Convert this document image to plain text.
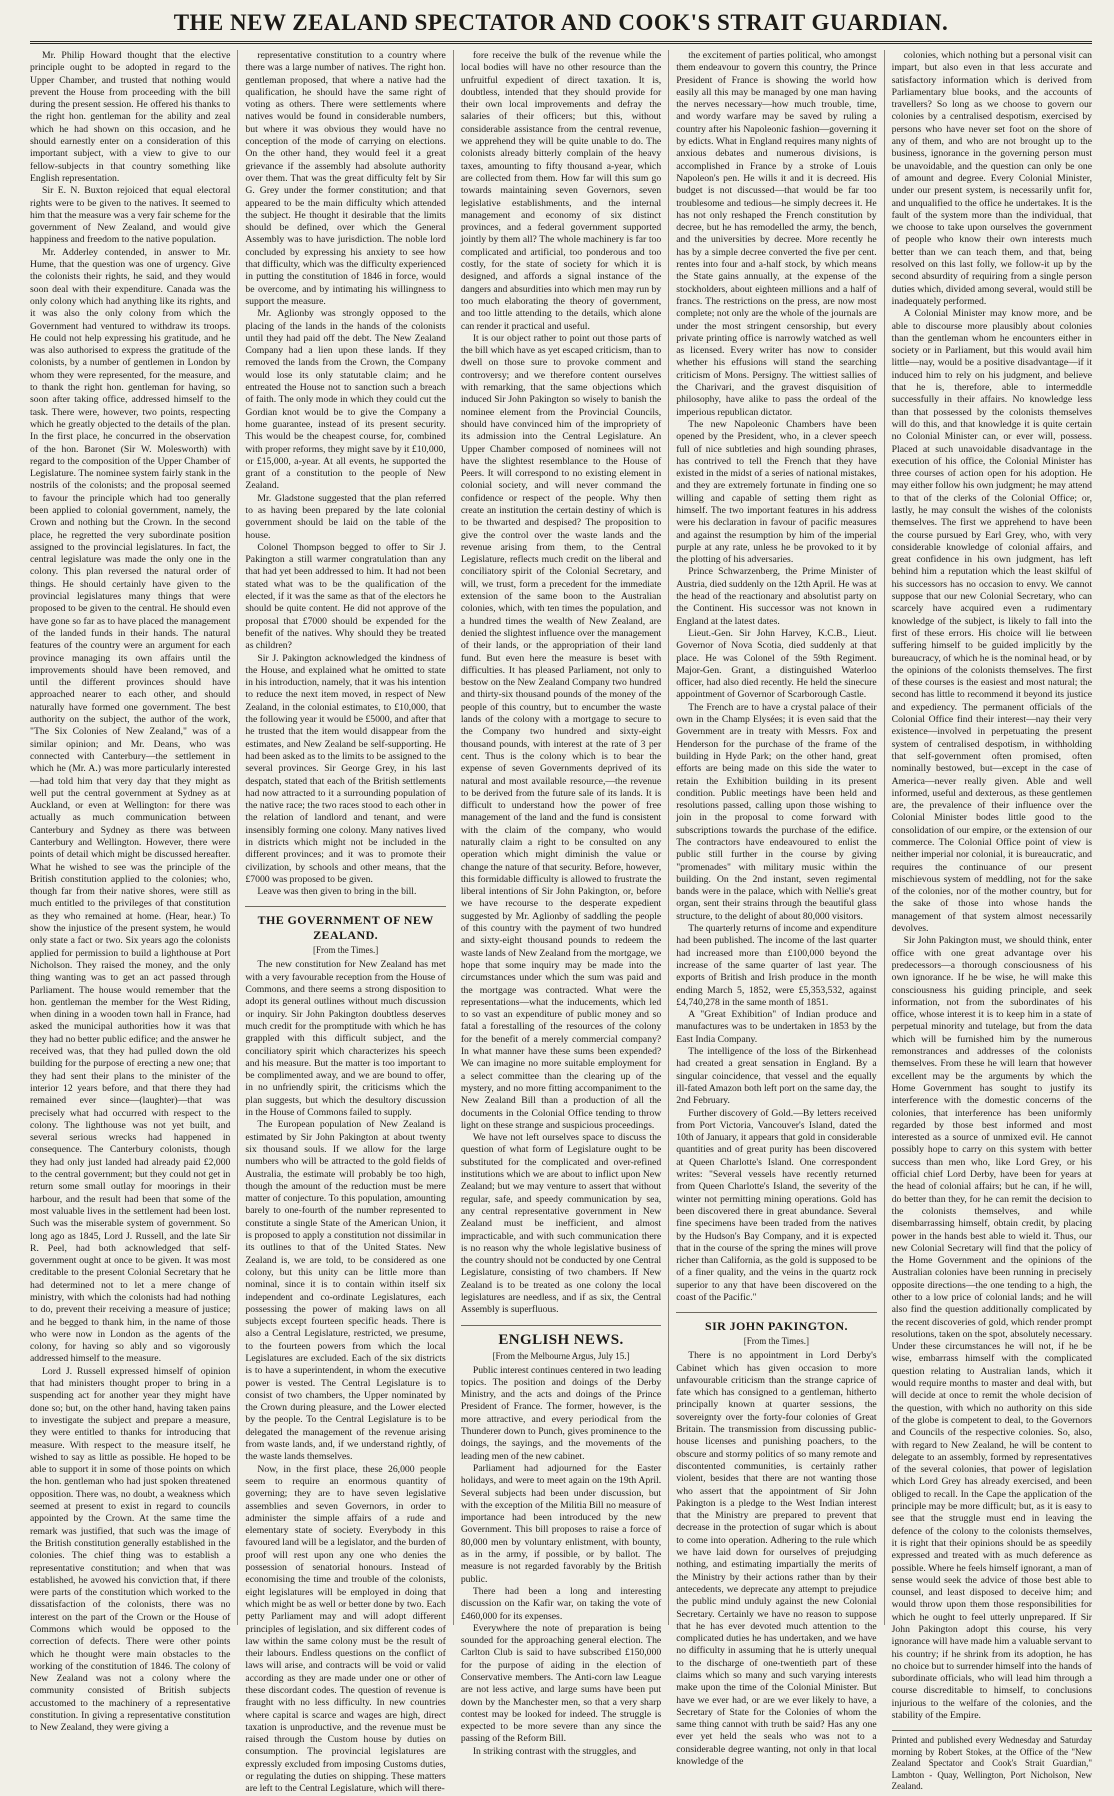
THE NEW ZEALAND SPECTATOR AND COOK'S STRAIT GUARDIAN.

Mr. Philip Howard thought that the elective principle ought to be adopted in regard to the Upper Chamber, and trusted that nothing would prevent the House from proceeding with the bill during the present session. He offered his thanks to the right hon. gentleman for the ability and zeal which he had shown on this occasion, and he should earnestly enter on a consideration of this important subject, with a view to give to our fellow-subjects in that country something like English representation.

Sir E. N. Buxton rejoiced that equal electoral rights were to be given to the natives. It seemed to him that the measure was a very fair scheme for the government of New Zealand, and would give happiness and freedom to the native population.

Mr. Adderley contended, in answer to Mr. Hume, that the question was one of urgency. Give the colonists their rights, he said, and they would soon deal with their expenditure. Canada was the only colony which had anything like its rights, and it was also the only colony from which the Government had ventured to withdraw its troops. He could not help expressing his gratitude, and he was also authorised to express the gratitude of the colonists, by a number of gentlemen in London by whom they were represented, for the measure, and to thank the right hon. gentleman for having, so soon after taking office, addressed himself to the task. There were, however, two points, respecting which he greatly objected to the details of the plan. In the first place, he concurred in the observation of the hon. Baronet (Sir W. Molesworth) with regard to the composition of the Upper Chamber of Legislature. The nominee system fairly stank in the nostrils of the colonists; and the proposal seemed to favour the principle which had too generally been applied to colonial government, namely, the Crown and nothing but the Crown. In the second place, he regretted the very subordinate position assigned to the provincial legislatures. In fact, the central legislature was made the only one in the colony. This plan reversed the natural order of things. He should certainly have given to the provincial legislatures many things that were proposed to be given to the central. He should even have gone so far as to have placed the management of the landed funds in their hands. The natural features of the country were an argument for each province managing its own affairs until the improvements should have been removed, and until the different provinces should have approached nearer to each other, and should naturally have formed one government. The best authority on the subject, the author of the work, "The Six Colonies of New Zealand," was of a similar opinion; and Mr. Deans, who was connected with Canterbury—the settlement in which he (Mr. A.) was more particularly interested—had told him that very day that they might as well put the central government at Sydney as at Auckland, or even at Wellington: for there was actually as much communication between Canterbury and Sydney as there was between Canterbury and Wellington. However, there were points of detail which might be discussed hereafter. What he wished to see was the principle of the British constitution applied to the colonies; who, though far from their native shores, were still as much entitled to the privileges of that constitution as they who remained at home. (Hear, hear.) To show the injustice of the present system, he would only state a fact or two. Six years ago the colonists applied for permission to build a lighthouse at Port Nicholson. They raised the money, and the only thing wanting was to get an act passed through Parliament. The house would remember that the hon. gentleman the member for the West Riding, when dining in a wooden town hall in France, had asked the municipal authorities how it was that they had no better public edifice; and the answer he received was, that they had pulled down the old building for the purpose of erecting a new one; that they had sent their plans to the minister of the interior 12 years before, and that there they had remained ever since—(laughter)—that was precisely what had occurred with respect to the colony. The lighthouse was not yet built, and several serious wrecks had happened in consequence. The Canterbury colonists, though they had only just landed had already paid £2,000 to the central government; but they could not get in return some small outlay for moorings in their harbour, and the result had been that some of the most valuable lives in the settlement had been lost. Such was the miserable system of government. So long ago as 1845, Lord J. Russell, and the late Sir R. Peel, had both acknowledged that self-government ought at once to be given. It was most creditable to the present Colonial Secretary that he had determined not to let a mere change of ministry, with which the colonists had had nothing to do, prevent their receiving a measure of justice; and he begged to thank him, in the name of those who were now in London as the agents of the colony, for having so ably and so vigorously addressed himself to the measure.

Lord J. Russell expressed himself of opinion that had ministers thought proper to bring in a suspending act for another year they might have done so; but, on the other hand, having taken pains to investigate the subject and prepare a measure, they were entitled to thanks for introducing that measure. With respect to the measure itself, he wished to say as little as possible. He hoped to be able to support it in some of those points on which the hon. gentleman who had just spoken threatened opposition. There was, no doubt, a weakness which seemed at present to exist in regard to councils appointed by the Crown. At the same time the remark was justified, that such was the image of the British constitution generally established in the colonies. The chief thing was to establish a representative constitution; and when that was established, he avowed his conviction that, if there were parts of the constitution which worked to the dissatisfaction of the colonists, there was no interest on the part of the Crown or the House of Commons which would be opposed to the correction of defects. There were other points which he thought were main obstacles to the working of the constitution of 1846. The colony of New Zealand was not a colony where the community consisted of British subjects accustomed to the machinery of a representative constitution. In giving a representative constitution to New Zealand, they were giving a

representative constitution to a country where there was a large number of natives. The right hon. gentleman proposed, that where a native had the qualification, he should have the same right of voting as others. There were settlements where natives would be found in considerable numbers, but where it was obvious they would have no conception of the mode of carrying on elections. On the other hand, they would feel it a great grievance if the assembly had absolute authority over them. That was the great difficulty felt by Sir G. Grey under the former constitution; and that appeared to be the main difficulty which attended the subject. He thought it desirable that the limits should be defined, over which the General Assembly was to have jurisdiction. The noble lord concluded by expressing his anxiety to see how that difficulty, which was the difficulty experienced in putting the constitution of 1846 in force, would be overcome, and by intimating his willingness to support the measure.

Mr. Aglionby was strongly opposed to the placing of the lands in the hands of the colonists until they had paid off the debt. The New Zealand Company had a lien upon these lands. If they removed the lands from the Crown, the Company would lose its only statutable claim; and he entreated the House not to sanction such a breach of faith. The only mode in which they could cut the Gordian knot would be to give the Company a home guarantee, instead of its present security. This would be the cheapest course, for, combined with proper reforms, they might save by it £10,000, or £15,000, a-year. At all events, he supported the grant of a constitution to the people of New Zealand.

Mr. Gladstone suggested that the plan referred to as having been prepared by the late colonial government should be laid on the table of the house.

Colonel Thompson begged to offer to Sir J. Pakington a still warmer congratulation than any that had yet been addressed to him. It had not been stated what was to be the qualification of the elected, if it was the same as that of the electors he should be quite content. He did not approve of the proposal that £7000 should be expended for the benefit of the natives. Why should they be treated as children?

Sir J. Pakington acknowledged the kindness of the House, and explained what he omitted to state in his introduction, namely, that it was his intention to reduce the next item moved, in respect of New Zealand, in the colonial estimates, to £10,000, that the following year it would be £5000, and after that he trusted that the item would disappear from the estimates, and New Zealand be self-supporting. He had been asked as to the limits to be assigned to the several provinces. Sir George Grey, in his last despatch, stated that each of the British settlements had now attracted to it a surrounding population of the native race; the two races stood to each other in the relation of landlord and tenant, and were insensibly forming one colony. Many natives lived in districts which might not be included in the different provinces; and it was to promote their civilization, by schools and other means, that the £7000 was proposed to be given.

Leave was then given to bring in the bill.

THE GOVERNMENT OF NEW ZEALAND.
[From the Times.]

The new constitution for New Zealand has met with a very favourable reception from the House of Commons, and there seems a strong disposition to adopt its general outlines without much discussion or inquiry. Sir John Pakington doubtless deserves much credit for the promptitude with which he has grappled with this difficult subject, and the conciliatory spirit which characterizes his speech and his measure. But the matter is too important to be complimented away, and we are bound to offer, in no unfriendly spirit, the criticisms which the plan suggests, but which the desultory discussion in the House of Commons failed to supply.

The European population of New Zealand is estimated by Sir John Pakington at about twenty six thousand souls. If we allow for the large numbers who will be attracted to the gold fields of Australia, the estimate will probably be too high, though the amount of the reduction must be mere matter of conjecture. To this population, amounting barely to one-fourth of the number represented to constitute a single State of the American Union, it is proposed to apply a constitution not dissimilar in its outlines to that of the United States. New Zealand is, we are told, to be considered as one colony, but this unity can be little more than nominal, since it is to contain within itself six independent and co-ordinate Legislatures, each possessing the power of making laws on all subjects except fourteen specific heads. There is also a Central Legislature, restricted, we presume, to the fourteen powers from which the local Legislatures are excluded. Each of the six districts is to have a superintendent, in whom the executive power is vested. The Central Legislature is to consist of two chambers, the Upper nominated by the Crown during pleasure, and the Lower elected by the people. To the Central Legislature is to be delegated the management of the revenue arising from waste lands, and, if we understand rightly, of the waste lands themselves.

Now, in the first place, these 26,000 people seem to require an enormous quantity of governing; they are to have seven legislative assemblies and seven Governors, in order to administer the simple affairs of a rude and elementary state of society. Everybody in this favoured land will be a legislator, and the burden of proof will rest upon any one who denies the possession of senatorial honours. Instead of economising the time and trouble of the colonists, eight legislatures will be employed in doing that which might be as well or better done by two. Each petty Parliament may and will adopt different principles of legislation, and six different codes of law within the same colony must be the result of their labours. Endless questions on the conflict of laws will arise, and contracts will be void or valid according as they are made under one or other of these discordant codes. The question of revenue is fraught with no less difficulty. In new countries where capital is scarce and wages are high, direct taxation is unproductive, and the revenue must be raised through the Custom house by duties on consumption. The provincial legislatures are expressly excluded from imposing Customs duties, or regulating the duties on shipping. These matters are left to the Central Legislature, which will there-

fore receive the bulk of the revenue while the local bodies will have no other resource than the unfruitful expedient of direct taxation. It is, doubtless, intended that they should provide for their own local improvements and defray the salaries of their officers; but this, without considerable assistance from the central revenue, we apprehend they will be quite unable to do. The colonists already bitterly complain of the heavy taxes, amounting to fifty thousand a-year, which are collected from them. How far will this sum go towards maintaining seven Governors, seven legislative establishments, and the internal management and economy of six distinct provinces, and a federal government supported jointly by them all? The whole machinery is far too complicated and artificial, too ponderous and too costly, for the state of society for which it is designed, and affords a signal instance of the dangers and absurdities into which men may run by too much elaborating the theory of government, and too little attending to the details, which alone can render it practical and useful.

It is our object rather to point out those parts of the bill which have as yet escaped criticism, than to dwell on those sure to provoke comment and controversy; and we therefore content ourselves with remarking, that the same objections which induced Sir John Pakington so wisely to banish the nominee element from the Provincial Councils, should have convinced him of the impropriety of its admission into the Central Legislature. An Upper Chamber composed of nominees will not have the slightest resemblance to the House of Peers. It will correspond to no existing element in colonial society, and will never command the confidence or respect of the people. Why then create an institution the certain destiny of which is to be thwarted and despised? The proposition to give the control over the waste lands and the revenue arising from them, to the Central Legislature, reflects much credit on the liberal and conciliatory spirit of the Colonial Secretary, and will, we trust, form a precedent for the immediate extension of the same boon to the Australian colonies, which, with ten times the population, and a hundred times the wealth of New Zealand, are denied the slightest influence over the management of their lands, or the appropriation of their land fund. But even here the measure is beset with difficulties. It has pleased Parliament, not only to bestow on the New Zealand Company two hundred and thirty-six thousand pounds of the money of the people of this country, but to encumber the waste lands of the colony with a mortgage to secure to the Company two hundred and sixty-eight thousand pounds, with interest at the rate of 3 per cent. Thus is the colony which is to bear the expense of seven Governments deprived of its natural and most available resource,—the revenue to be derived from the future sale of its lands. It is difficult to understand how the power of free management of the land and the fund is consistent with the claim of the company, who would naturally claim a right to be consulted on any operation which might diminish the value or change the nature of that security. Before, however, this formidable difficulty is allowed to frustrate the liberal intentions of Sir John Pakington, or, before we have recourse to the desperate expedient suggested by Mr. Aglionby of saddling the people of this country with the payment of two hundred and sixty-eight thousand pounds to redeem the waste lands of New Zealand from the mortgage, we hope that some inquiry may be made into the circumstances under which the sum was paid and the mortgage was contracted. What were the representations—what the inducements, which led to so vast an expenditure of public money and so fatal a forestalling of the resources of the colony for the benefit of a merely commercial company? In what manner have these sums been expended? We can imagine no more suitable employment for a select committee than the clearing up of the mystery, and no more fitting accompaniment to the New Zealand Bill than a production of all the documents in the Colonial Office tending to throw light on these strange and suspicious proceedings.

We have not left ourselves space to discuss the question of what form of Legislature ought to be substituted for the complicated and over-refined institutions which we are about to inflict upon New Zealand; but we may venture to assert that without regular, safe, and speedy communication by sea, any central representative government in New Zealand must be inefficient, and almost impracticable, and with such communication there is no reason why the whole legislative business of the country should not be conducted by one Central Legislature, consisting of two chambers. If New Zealand is to be treated as one colony the local legislatures are needless, and if as six, the Central Assembly is superfluous.

ENGLISH NEWS.
[From the Melbourne Argus, July 15.]

Public interest continues centered in two leading topics. The position and doings of the Derby Ministry, and the acts and doings of the Prince President of France. The former, however, is the more attractive, and every periodical from the Thunderer down to Punch, gives prominence to the doings, the sayings, and the movements of the leading men of the new cabinet.

Parliament had adjourned for the Easter holidays, and were to meet again on the 19th April. Several subjects had been under discussion, but with the exception of the Militia Bill no measure of importance had been introduced by the new Government. This bill proposes to raise a force of 80,000 men by voluntary enlistment, with bounty, as in the army, if possible, or by ballot. The measure is not regarded favorably by the British public.

There had been a long and interesting discussion on the Kafir war, on taking the vote of £460,000 for its expenses.

Everywhere the note of preparation is being sounded for the approaching general election. The Carlton Club is said to have subscribed £150,000 for the purpose of aiding in the election of Conservative members. The Anti-corn law League are not less active, and large sums have been put down by the Manchester men, so that a very sharp contest may be looked for indeed. The struggle is expected to be more severe than any since the passing of the Reform Bill.

In striking contrast with the struggles, and

the excitement of parties political, who amongst them endeavour to govern this country, the Prince President of France is showing the world how easily all this may be managed by one man having the nerves necessary—how much trouble, time, and wordy warfare may be saved by ruling a country after his Napoleonic fashion—governing it by edicts. What in England requires many nights of anxious debates and numerous divisions, is accomplished in France by a stroke of Louis Napoleon's pen. He wills it and it is decreed. His budget is not discussed—that would be far too troublesome and tedious—he simply decrees it. He has not only reshaped the French constitution by decree, but he has remodelled the army, the bench, and the universities by decree. More recently he has by a simple decree converted the five per cent. rentes into four and a-half stock, by which means the State gains annually, at the expense of the stockholders, about eighteen millions and a half of francs. The restrictions on the press, are now most complete; not only are the whole of the journals are under the most stringent censorship, but every private printing office is narrowly watched as well as licensed. Every writer has now to consider whether his effusions will stand the searching criticism of Mons. Persigny. The wittiest sallies of the Charivari, and the gravest disquisition of philosophy, have alike to pass the ordeal of the imperious republican dictator.

The new Napoleonic Chambers have been opened by the President, who, in a clever speech full of nice subtleties and high sounding phrases, has contrived to tell the French that they have existed in the midst of a series of national mistakes, and they are extremely fortunate in finding one so willing and capable of setting them right as himself. The two important features in his address were his declaration in favour of pacific measures and against the resumption by him of the imperial purple at any rate, unless he be provoked to it by the plotting of his adversaries.

Prince Schwarzenberg, the Prime Minister of Austria, died suddenly on the 12th April. He was at the head of the reactionary and absolutist party on the Continent. His successor was not known in England at the latest dates.

Lieut.-Gen. Sir John Harvey, K.C.B., Lieut. Governor of Nova Scotia, died suddenly at that place. He was Colonel of the 59th Regiment. Major-Gen. Grant, a distinguished Waterloo officer, had also died recently. He held the sinecure appointment of Governor of Scarborough Castle.

The French are to have a crystal palace of their own in the Champ Elysées; it is even said that the Government are in treaty with Messrs. Fox and Henderson for the purchase of the frame of the building in Hyde Park; on the other hand, great efforts are being made on this side the water to retain the Exhibition building in its present condition. Public meetings have been held and resolutions passed, calling upon those wishing to join in the proposal to come forward with subscriptions towards the purchase of the edifice. The contractors have endeavoured to enlist the public still further in the course by giving "promenades" with military music within the building. On the 2nd instant, seven regimental bands were in the palace, which with Nellie's great organ, sent their strains through the beautiful glass structure, to the delight of about 80,000 visitors.

The quarterly returns of income and expenditure had been published. The income of the last quarter had increased more than £100,000 beyond the increase of the same quarter of last year. The exports of British and Irish produce in the month ending March 5, 1852, were £5,353,532, against £4,740,278 in the same month of 1851.

A "Great Exhibition" of Indian produce and manufactures was to be undertaken in 1853 by the East India Company.

The intelligence of the loss of the Birkenhead had created a great sensation in England. By a singular coincidence, that vessel and the equally ill-fated Amazon both left port on the same day, the 2nd February.

Further discovery of Gold.—By letters received from Port Victoria, Vancouver's Island, dated the 10th of January, it appears that gold in considerable quantities and of great purity has been discovered at Queen Charlotte's Island. One correspondent writes: "Several vessels have recently returned from Queen Charlotte's Island, the severity of the winter not permitting mining operations. Gold has been discovered there in great abundance. Several fine specimens have been traded from the natives by the Hudson's Bay Company, and it is expected that in the course of the spring the mines will prove richer than California, as the gold is supposed to be of a finer quality, and the veins in the quartz rock superior to any that have been discovered on the coast of the Pacific."

SIR JOHN PAKINGTON.
[From the Times.]

There is no appointment in Lord Derby's Cabinet which has given occasion to more unfavourable criticism than the strange caprice of fate which has consigned to a gentleman, hitherto principally known at quarter sessions, the sovereignty over the forty-four colonies of Great Britain. The transmission from discussing public-house licenses and punishing poachers, to the obscure and stormy politics of so many remote and discontented communities, is certainly rather violent, besides that there are not wanting those who assert that the appointment of Sir John Pakington is a pledge to the West Indian interest that the Ministry are prepared to prevent that decrease in the protection of sugar which is about to come into operation. Adhering to the rule which we have laid down for ourselves of prejudging nothing, and estimating impartially the merits of the Ministry by their actions rather than by their antecedents, we deprecate any attempt to prejudice the public mind unduly against the new Colonial Secretary. Certainly we have no reason to suppose that he has ever devoted much attention to the complicated duties he has undertaken, and we have no difficulty in assuming that he is utterly unequal to the discharge of one-twentieth part of these claims which so many and such varying interests make upon the time of the Colonial Minister. But have we ever had, or are we ever likely to have, a Secretary of State for the Colonies of whom the same thing cannot with truth be said? Has any one ever yet held the seals who was not to a considerable degree wanting, not only in that local knowledge of the

colonies, which nothing but a personal visit can impart, but also even in that less accurate and satisfactory information which is derived from Parliamentary blue books, and the accounts of travellers? So long as we choose to govern our colonies by a centralised despotism, exercised by persons who have never set foot on the shore of any of them, and who are not brought up to the business, ignorance in the governing person must be unavoidable, and the question can only be one of amount and degree. Every Colonial Minister, under our present system, is necessarily unfit for, and unqualified to the office he undertakes. It is the fault of the system more than the individual, that we choose to take upon ourselves the government of people who know their own interests much better than we can teach them, and that, being resolved on this last folly, we follow-it up by the second absurdity of requiring from a single person duties which, divided among several, would still be inadequately performed.

A Colonial Minister may know more, and be able to discourse more plausibly about colonies than the gentleman whom he encounters either in society or in Parliament, but this would avail him little—nay, would be a positive disadvantage—if it induced him to rely on his judgment, and believe that he is, therefore, able to intermeddle successfully in their affairs. No knowledge less than that possessed by the colonists themselves will do this, and that knowledge it is quite certain no Colonial Minister can, or ever will, possess. Placed at such unavoidable disadvantage in the execution of his office, the Colonial Minister has three courses of action open for his adoption. He may either follow his own judgment; he may attend to that of the clerks of the Colonial Office; or, lastly, he may consult the wishes of the colonists themselves. The first we apprehend to have been the course pursued by Earl Grey, who, with very considerable knowledge of colonial affairs, and great confidence in his own judgment, has left behind him a reputation which the least skilful of his successors has no occasion to envy. We cannot suppose that our new Colonial Secretary, who can scarcely have acquired even a rudimentary knowledge of the subject, is likely to fall into the first of these errors. His choice will lie between suffering himself to be guided implicitly by the bureaucracy, of which he is the nominal head, or by the opinions of the colonists themselves. The first of these courses is the easiest and most natural; the second has little to recommend it beyond its justice and expediency. The permanent officials of the Colonial Office find their interest—nay their very existence—involved in perpetuating the present system of centralised despotism, in withholding that self-government often promised, often nominally bestowed, but—except in the case of America—never really given. Able and well informed, useful and dexterous, as these gentlemen are, the prevalence of their influence over the Colonial Minister bodes little good to the consolidation of our empire, or the extension of our commerce. The Colonial Office point of view is neither imperial nor colonial, it is bureaucratic, and requires the continuance of our present mischievous system of meddling, not for the sake of the colonies, nor of the mother country, but for the sake of those into whose hands the management of that system almost necessarily devolves.

Sir John Pakington must, we should think, enter office with one great advantage over his predecessors—a thorough consciousness of his own ignorance. If he be wise, he will make this consciousness his guiding principle, and seek information, not from the subordinates of his office, whose interest it is to keep him in a state of perpetual minority and tutelage, but from the data which will be furnished him by the numerous remonstrances and addresses of the colonists themselves. From these he will learn that however excellent may be the arguments by which the Home Government has sought to justify its interference with the domestic concerns of the colonies, that interference has been uniformly regarded by those best informed and most interested as a source of unmixed evil. He cannot possibly hope to carry on this system with better success than men who, like Lord Grey, or his official chief Lord Derby, have been for years at the head of colonial affairs; but he can, if he will, do better than they, for he can remit the decision to the colonists themselves, and while disembarrassing himself, obtain credit, by placing power in the hands best able to wield it. Thus, our new Colonial Secretary will find that the policy of the Home Government and the opinions of the Australian colonies have been running in precisely opposite directions—the one tending to a high, the other to a low price of colonial lands; and he will also find the question additionally complicated by the recent discoveries of gold, which render prompt resolutions, taken on the spot, absolutely necessary. Under these circumstances he will not, if he be wise, embarrass himself with the complicated question relating to Australian lands, which it would require months to master and deal with, but will decide at once to remit the whole decision of the question, with which no authority on this side of the globe is competent to deal, to the Governors and Councils of the respective colonies. So, also, with regard to New Zealand, he will be content to delegate to an assembly, formed by representatives of the several colonies, that power of legislation which Lord Grey has already exercised, and been obliged to recall. In the Cape the application of the principle may be more difficult; but, as it is easy to see that the struggle must end in leaving the defence of the colony to the colonists themselves, it is right that their opinions should be as speedily expressed and treated with as much deference as possible. Where he feels himself ignorant, a man of sense would seek the advice of those best able to counsel, and least disposed to deceive him; and would throw upon them those responsibilities for which he ought to feel utterly unprepared. If Sir John Pakington adopt this course, his very ignorance will have made him a valuable servant to his country; if he shrink from its adoption, he has no choice but to surrender himself into the hands of subordinate officials, who will lead him through a course discreditable to himself, to conclusions injurious to the welfare of the colonies, and the stability of the Empire.

Printed and published every Wednesday and Saturday morning by Robert Stokes, at the Office of the "New Zealand Spectator and Cook's Strait Guardian," Lambton - Quay, Wellington, Port Nicholson, New Zealand.
